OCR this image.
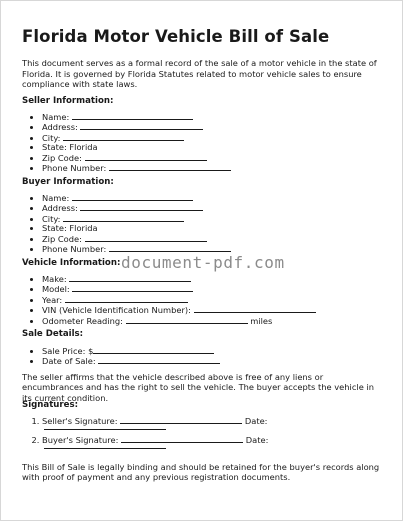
Florida Motor Vehicle Bill of Sale
This document serves as a formal record of the sale of a motor vehicle in the state of Florida. It is governed by Florida Statutes related to motor vehicle sales to ensure compliance with state laws.
Seller Information:
• Name:
• Address:
• City:
• State: Florida
• Zip Code:
• Phone Number:
Buyer Information:
• Name:
• Address:
• City:
• State: Florida
• Zip Code:
• Phone Number:
Vehicle Information: document-pdf.com
• Make:
• Model:
• Year:
• VIN (Vehicle Identification Number):
• Odometer Reading:	miles
Sale Details:
• Sale Price: $
• Date of Sale:
The seller affirms that the vehicle described above is free of any liens or encumbrances and has the right to sell the vehicle. The buyer accepts the vehicle in its current condition.
Signatures:
1. Seller's Signature:	Date:
2. Buyer's Signature:	Date:
This Bill of Sale is legally binding and should be retained for the buyer's records along with proof of payment and any previous registration documents.
